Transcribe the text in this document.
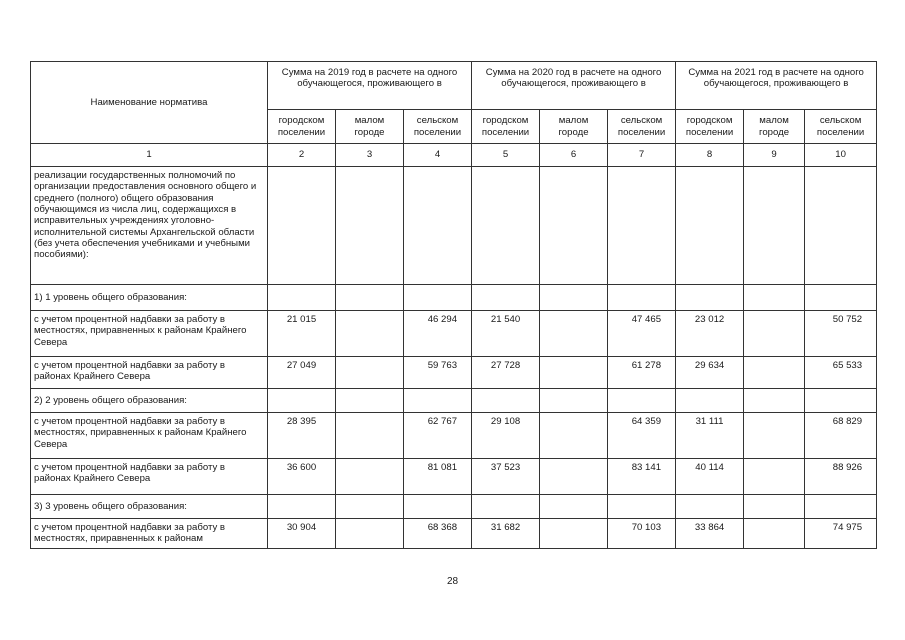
Наименование норматива	Сумма на 2019 год в расчете на одного обучающегося, проживающего в			Сумма на 2020 год в расчете на одного обучающегося, проживающего в			Сумма на 2021 год в расчете на одного обучающегося, проживающего в		
	городском поселении	малом городе	сельском поселении	городском поселении	малом городе	сельском поселении	городском поселении	малом городе	сельском поселении
1	2	3	4	5	6	7	8	9	10
реализации государственных полномочий по организации предоставления основного общего и среднего (полного) общего образования обучающимся из числа лиц, содержащихся в исправительных учреждениях уголовно-исполнительной системы Архангельской области (без учета обеспечения учебниками и учебными пособиями):									
1) 1 уровень общего образования:									
с учетом процентной надбавки за работу в местностях, приравненных к районам Крайнего Севера	21 015		46 294	21 540		47 465	23 012		50 752
с учетом процентной надбавки за работу в районах Крайнего Севера	27 049		59 763	27 728		61 278	29 634		65 533
2) 2 уровень общего образования:									
с учетом процентной надбавки за работу в местностях, приравненных к районам Крайнего Севера	28 395		62 767	29 108		64 359	31 111		68 829
с учетом процентной надбавки за работу в районах Крайнего Севера	36 600		81 081	37 523		83 141	40 114		88 926
3) 3 уровень общего образования:									
с учетом процентной надбавки за работу в местностях, приравненных к районам	30 904		68 368	31 682		70 103	33 864		74 975
28
